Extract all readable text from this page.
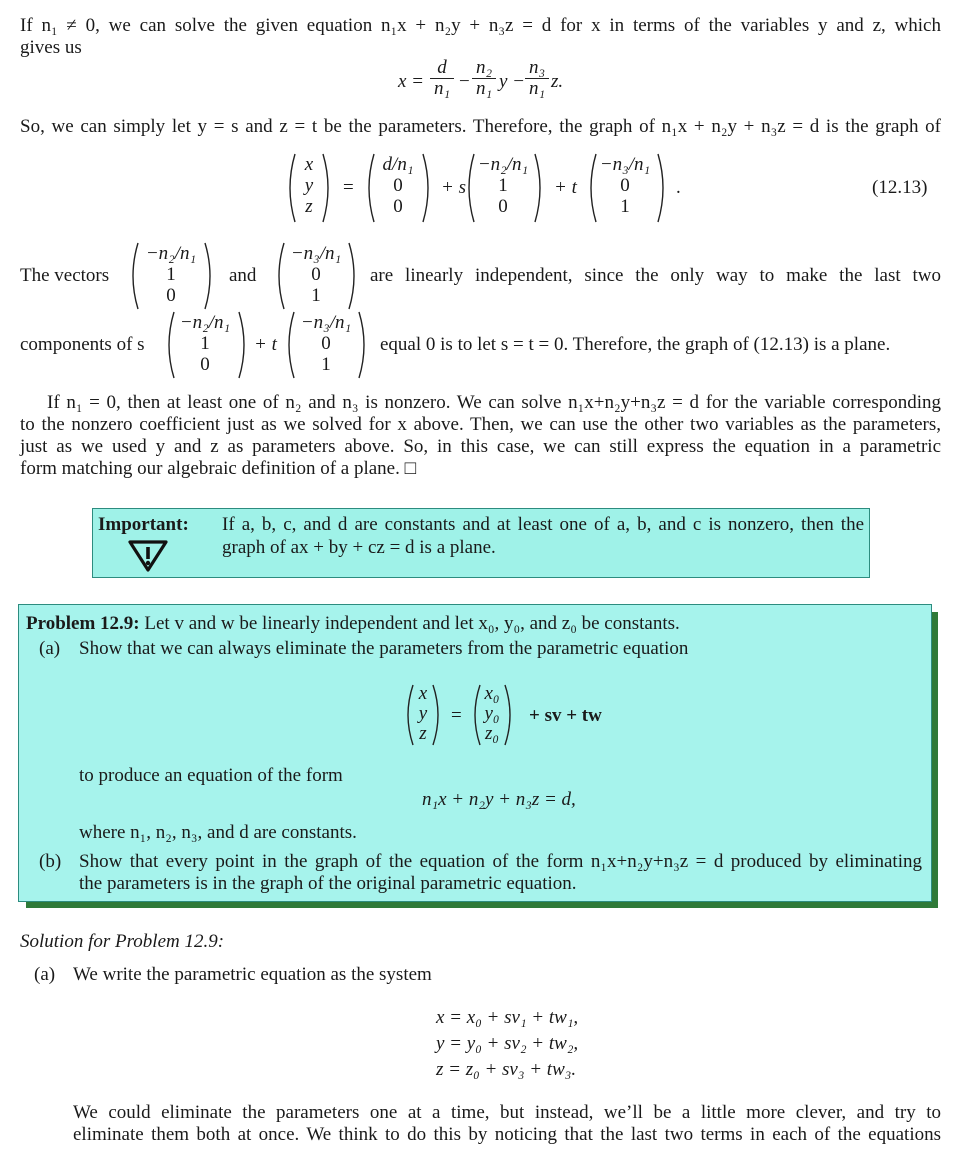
If n₁ ≠ 0, we can solve the given equation n₁x + n₂y + n₃z = d for x in terms of the variables y and z, which
gives us
$x = \frac{d}{\text{n₁}} - \frac{\text{n₂}}{\text{n₁}}$ $y - \frac{\text{n₃}}{\text{n₁}} z$.
So, we can simply let y = s and z = t be the parameters. Therefore, the graph of n₁x + n₂y + n₃z = d is the graph of
x
y
z
=
d/n₁
0
0
+ s
−n₂/n₁
1
0
+ t
−n₃/n₁
0
1
.	(12.13)
The vectors
−n₂/n₁
1
0
and
−n₃/n₁
0
1
are linearly independent, since the only way to make the last two
components of s
−n₂/n₁
1
0
+ t
−n₃/n₁
0
1
equal 0 is to let s = t = 0. Therefore, the graph of (12.13) is a plane.
If n₁ = 0, then at least one of n₂ and n₃ is nonzero. We can solve n₁x+n₂y+n₃z = d for the variable corresponding
to the nonzero coefficient just as we solved for x above. Then, we can use the other two variables as the parameters,
just as we used y and z as parameters above. So, in this case, we can still express the equation in a parametric
form matching our algebraic definition of a plane. □
Important: If a, b, c, and d are constants and at least one of a, b, and c is nonzero, then the
graph of ax + by + cz = d is a plane.
Problem 12.9: Let v and w be linearly independent and let x₀, y₀, and z₀ be constants.
(a) Show that we can always eliminate the parameters from the parametric equation
x
y
z
=
x₀
y₀
z₀
+ sv + tw
to produce an equation of the form
n₁x + n₂y + n₃z = d,
where n₁, n₂, n₃, and d are constants.
(b) Show that every point in the graph of the equation of the form n₁x+n₂y+n₃z = d produced by eliminating
the parameters is in the graph of the original parametric equation.
Solution for Problem 12.9:
(a) We write the parametric equation as the system
x = x₀ + sv₁ + tw₁,
y = y₀ + sv₂ + tw₂,
z = z₀ + sv₃ + tw₃.
We could eliminate the parameters one at a time, but instead, we’ll be a little more clever, and try to
eliminate them both at once. We think to do this by noticing that the last two terms in each of the equations
